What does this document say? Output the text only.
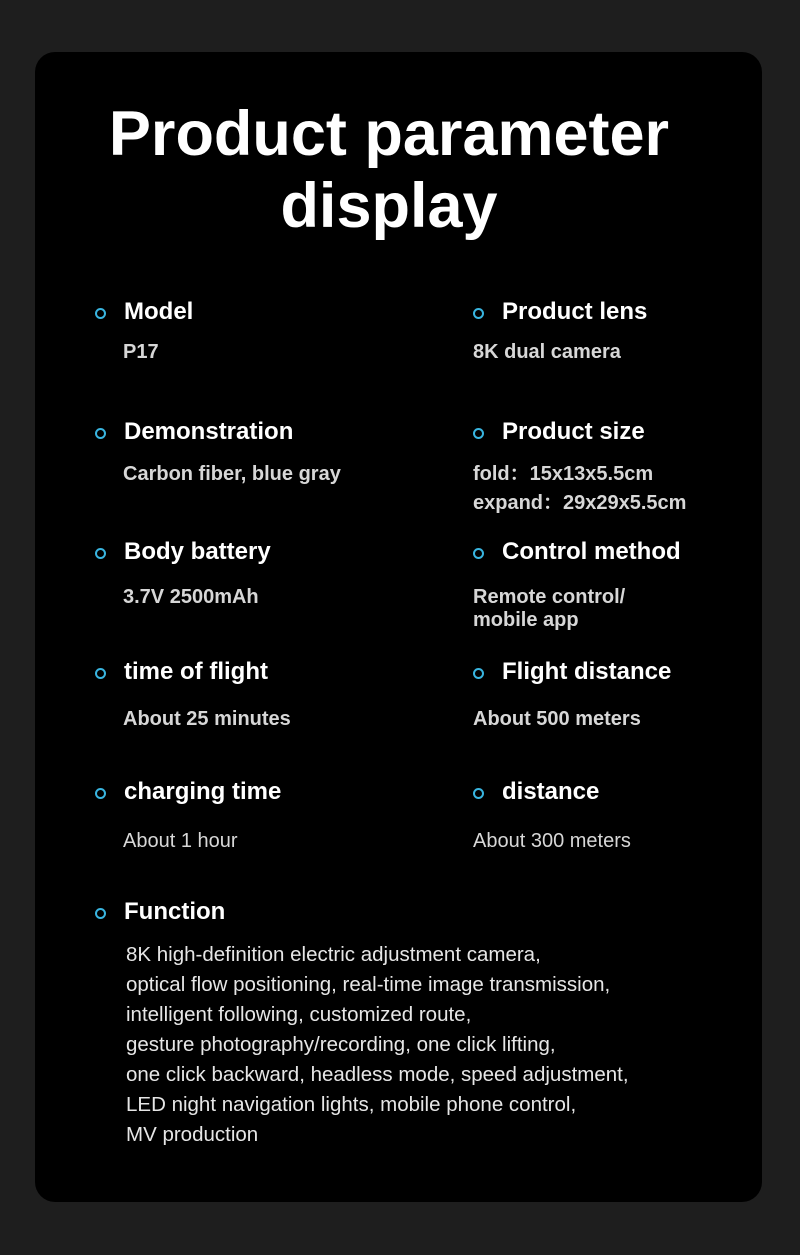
Product parameter
display
Model
P17
Product lens
8K dual camera
Demonstration
Carbon fiber, blue gray
Product size
fold：15x13x5.5cm
expand：29x29x5.5cm
Body battery
3.7V 2500mAh
Control method
Remote control/
mobile app
time of flight
About 25 minutes
Flight distance
About 500 meters
charging time
About 1 hour
distance
About 300 meters
Function
8K high-definition electric adjustment camera,
optical flow positioning, real-time image transmission,
intelligent following, customized route,
gesture photography/recording, one click lifting,
one click backward, headless mode, speed adjustment,
LED night navigation lights, mobile phone control,
MV production
